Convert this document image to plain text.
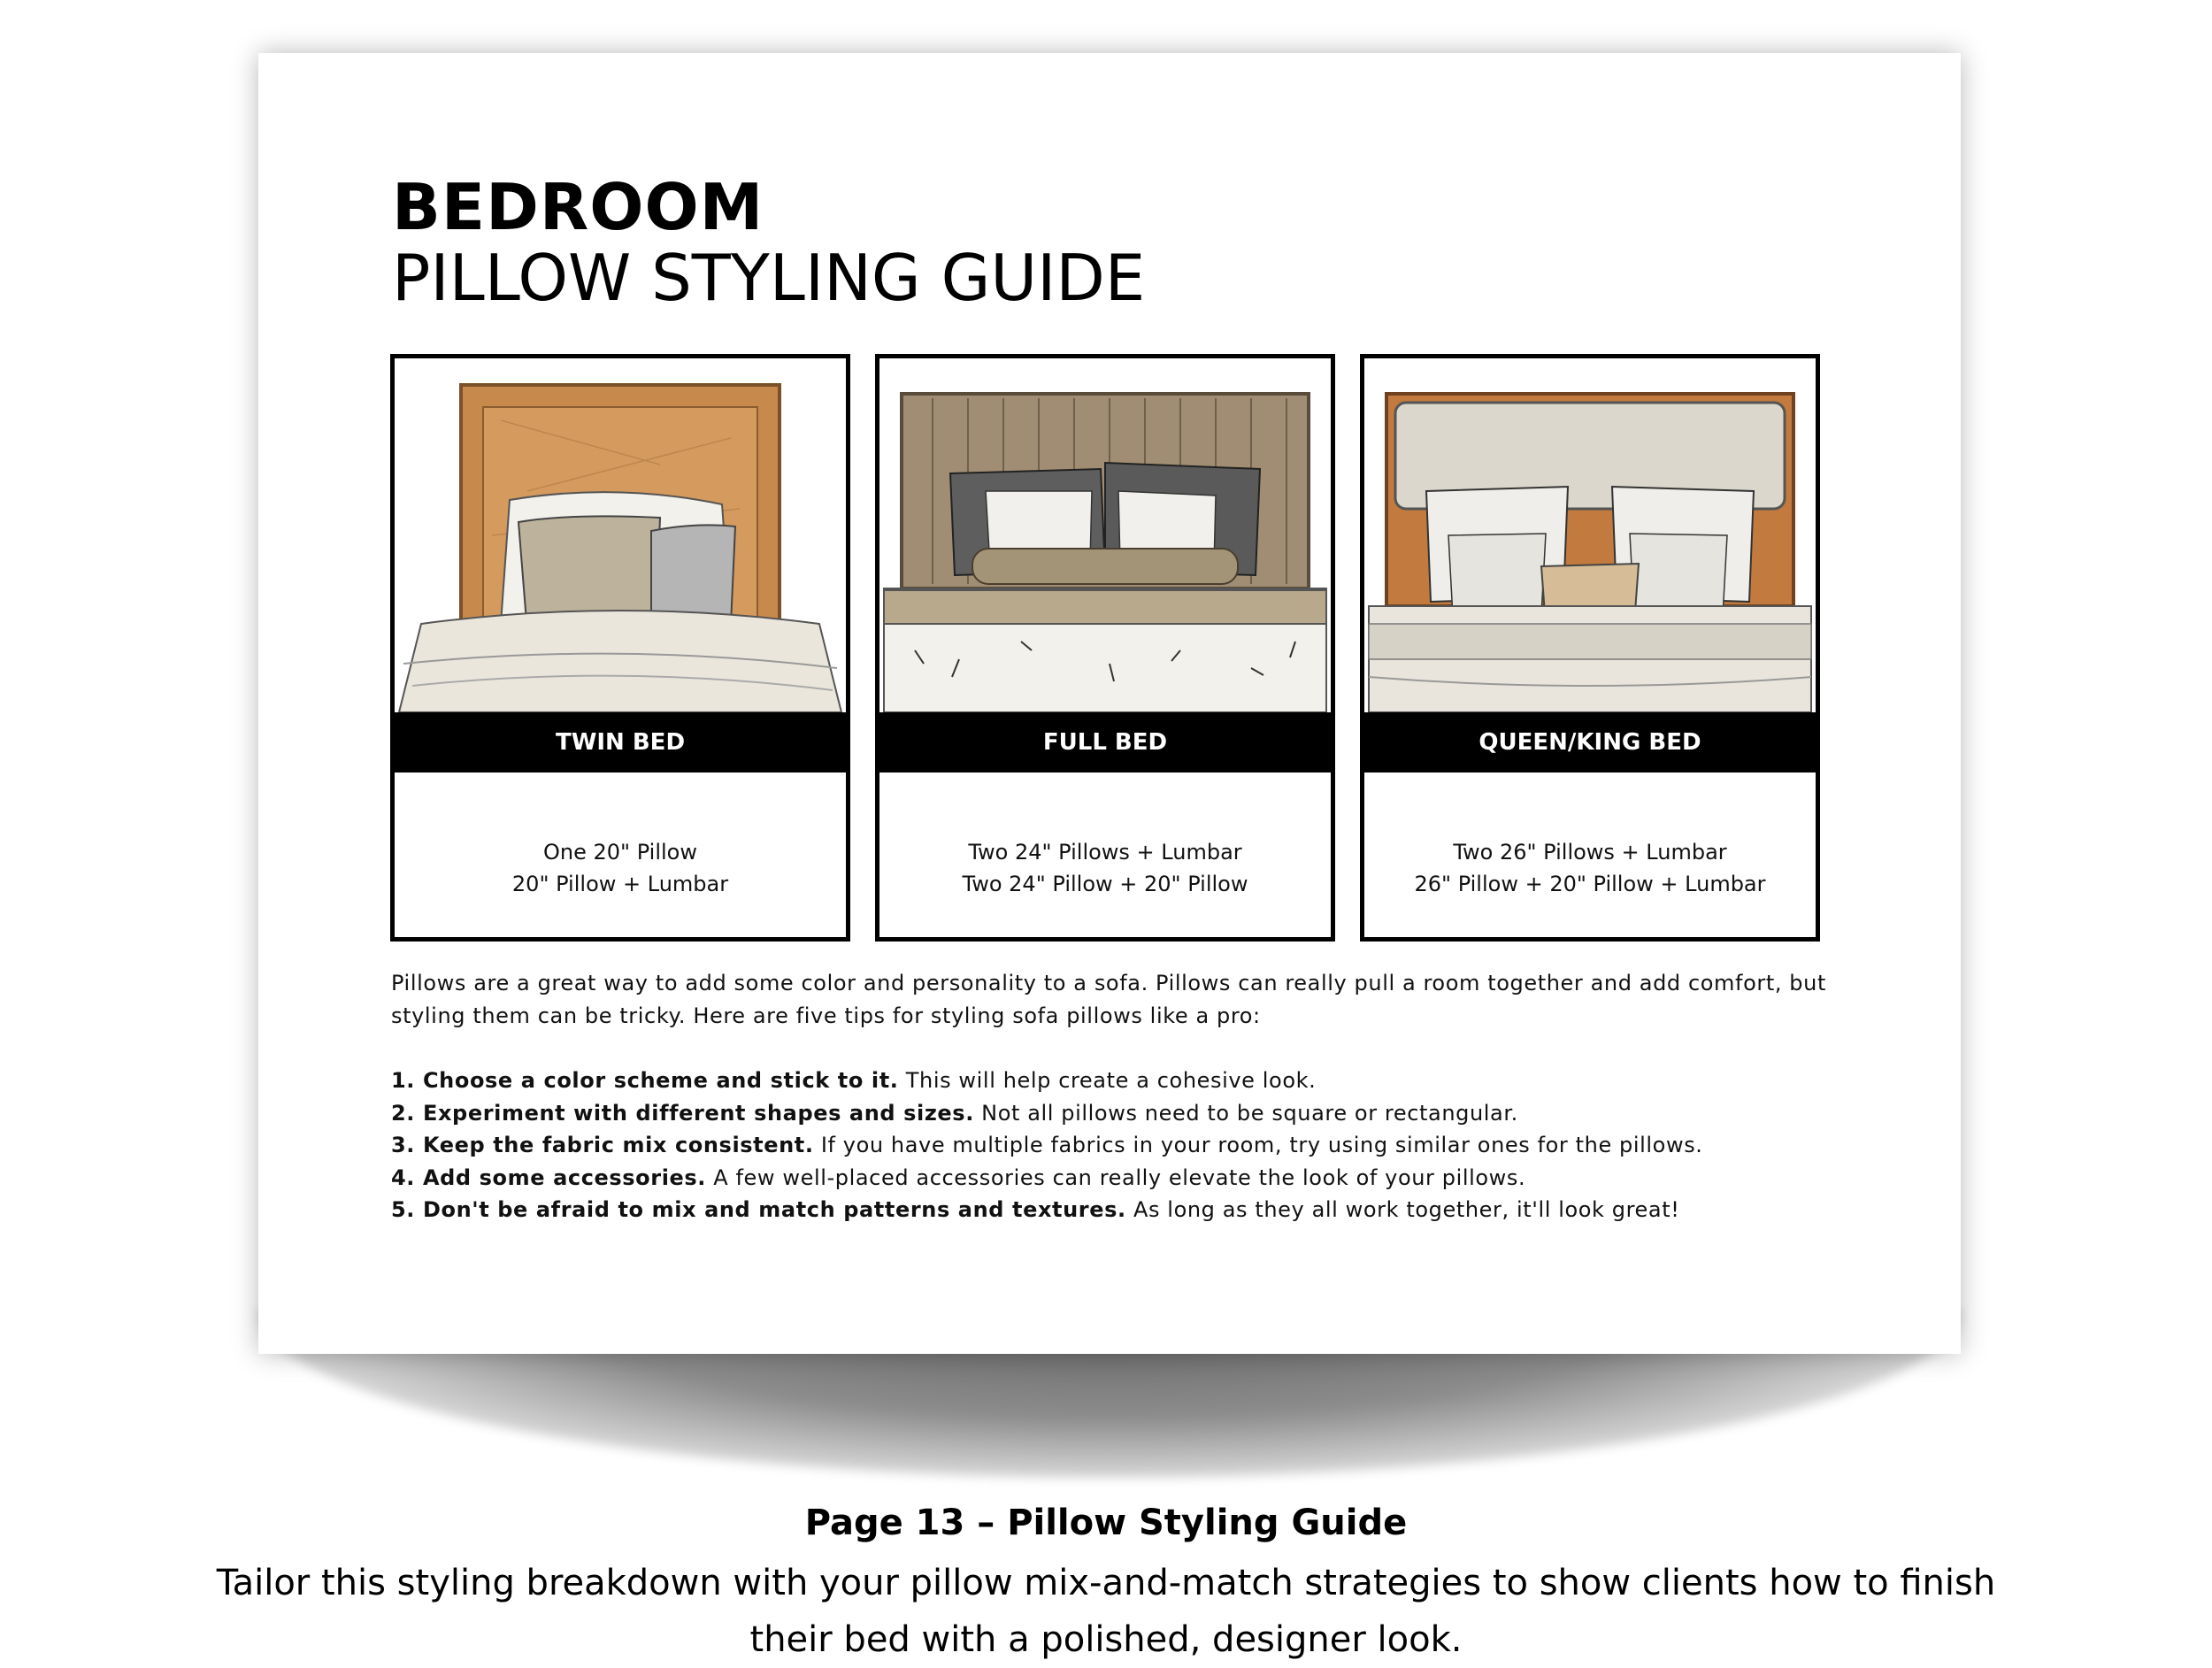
BEDROOM
PILLOW STYLING GUIDE
TWIN BED
One 20" Pillow
20" Pillow + Lumbar
FULL BED
Two 24" Pillows + Lumbar
Two 24" Pillow + 20" Pillow
QUEEN/KING BED
Two 26" Pillows + Lumbar
26" Pillow + 20" Pillow + Lumbar
Pillows are a great way to add some color and personality to a sofa. Pillows can really pull a room together and add comfort, but styling them can be tricky. Here are five tips for styling sofa pillows like a pro:
1. Choose a color scheme and stick to it. This will help create a cohesive look.
2. Experiment with different shapes and sizes. Not all pillows need to be square or rectangular.
3. Keep the fabric mix consistent. If you have multiple fabrics in your room, try using similar ones for the pillows.
4. Add some accessories. A few well-placed accessories can really elevate the look of your pillows.
5. Don't be afraid to mix and match patterns and textures. As long as they all work together, it'll look great!
Page 13 – Pillow Styling Guide
Tailor this styling breakdown with your pillow mix-and-match strategies to show clients how to finish their bed with a polished, designer look.
